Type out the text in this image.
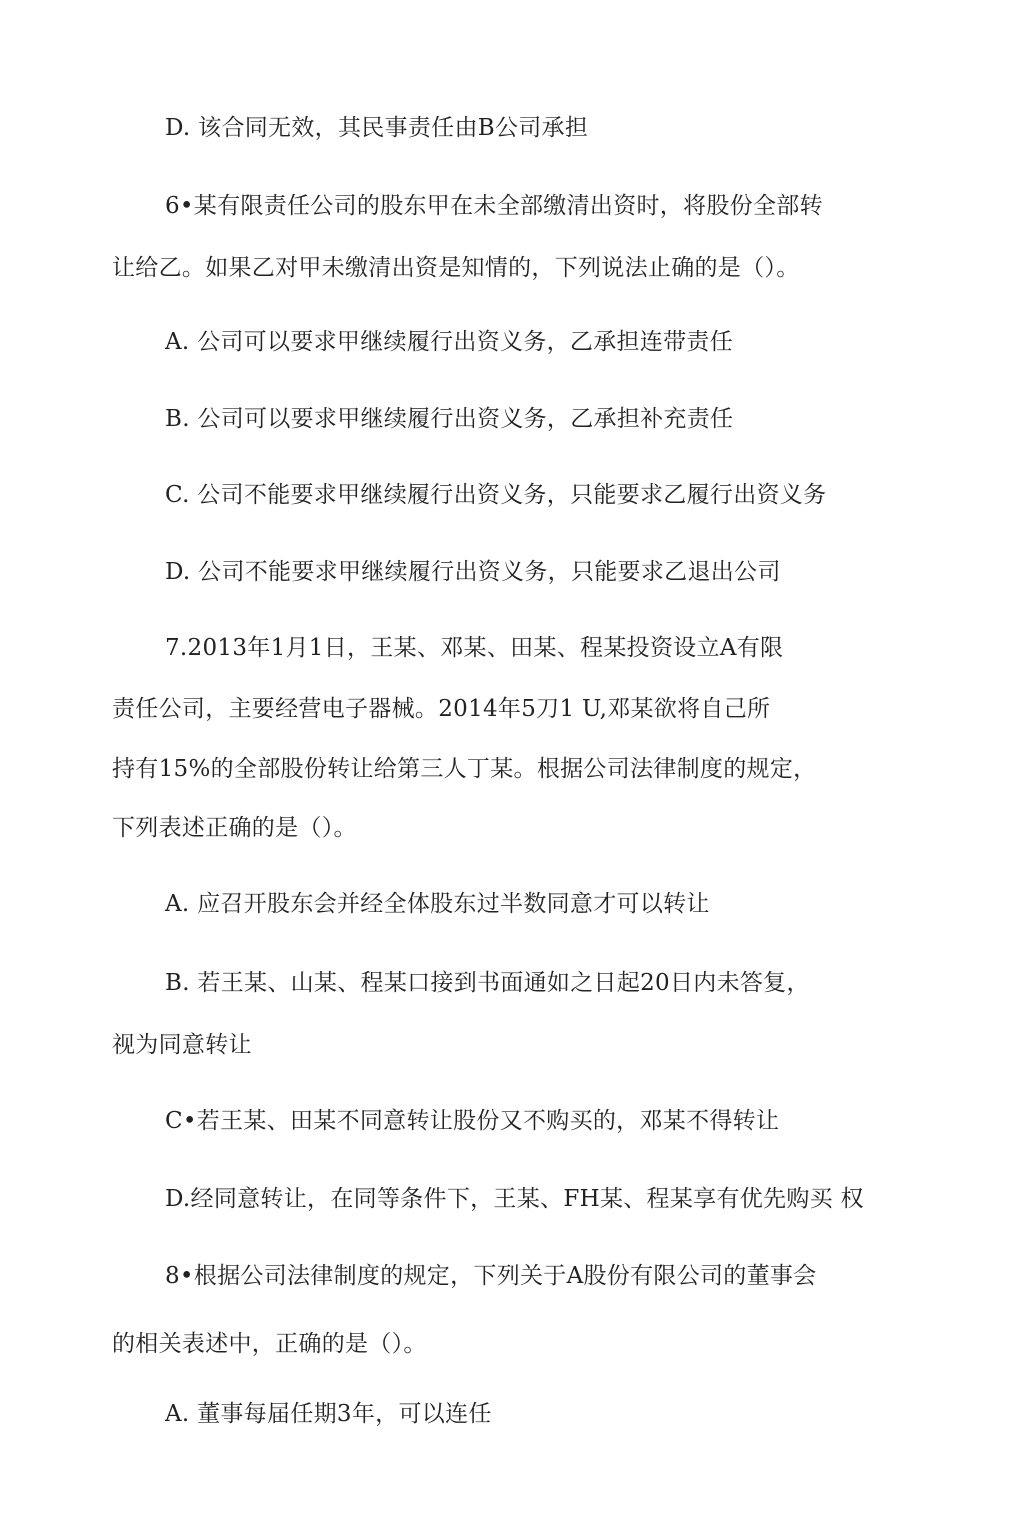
D. 该合同无效，其民事责任由B公司承担
6•某有限责任公司的股东甲在未全部缴清出资时，将股份全部转
让给乙。如果乙对甲未缴清出资是知情的，下列说法止确的是（）。
A. 公司可以要求甲继续履行出资义务，乙承担连带责任
B. 公司可以要求甲继续履行出资义务，乙承担补充责任
C. 公司不能要求甲继续履行出资义务，只能要求乙履行出资义务
D. 公司不能要求甲继续履行出资义务，只能要求乙退出公司
7.2013年1月1日，王某、邓某、田某、程某投资设立A有限
责任公司，主要经营电子器械。2014年5刀1 U,邓某欲将自己所
持有15%的全部股份转让给第三人丁某。根据公司法律制度的规定，
下列表述正确的是（）。
A. 应召开股东会并经全体股东过半数同意才可以转让
B. 若王某、山某、程某口接到书面通如之日起20日内未答复，
视为同意转让
C•若王某、田某不同意转让股份又不购买的，邓某不得转让
D.经同意转让，在同等条件下，王某、FH某、程某享有优先购买 权
8•根据公司法律制度的规定，下列关于A股份有限公司的董事会
的相关表述中，正确的是（）。
A. 董事每届任期3年，可以连任
